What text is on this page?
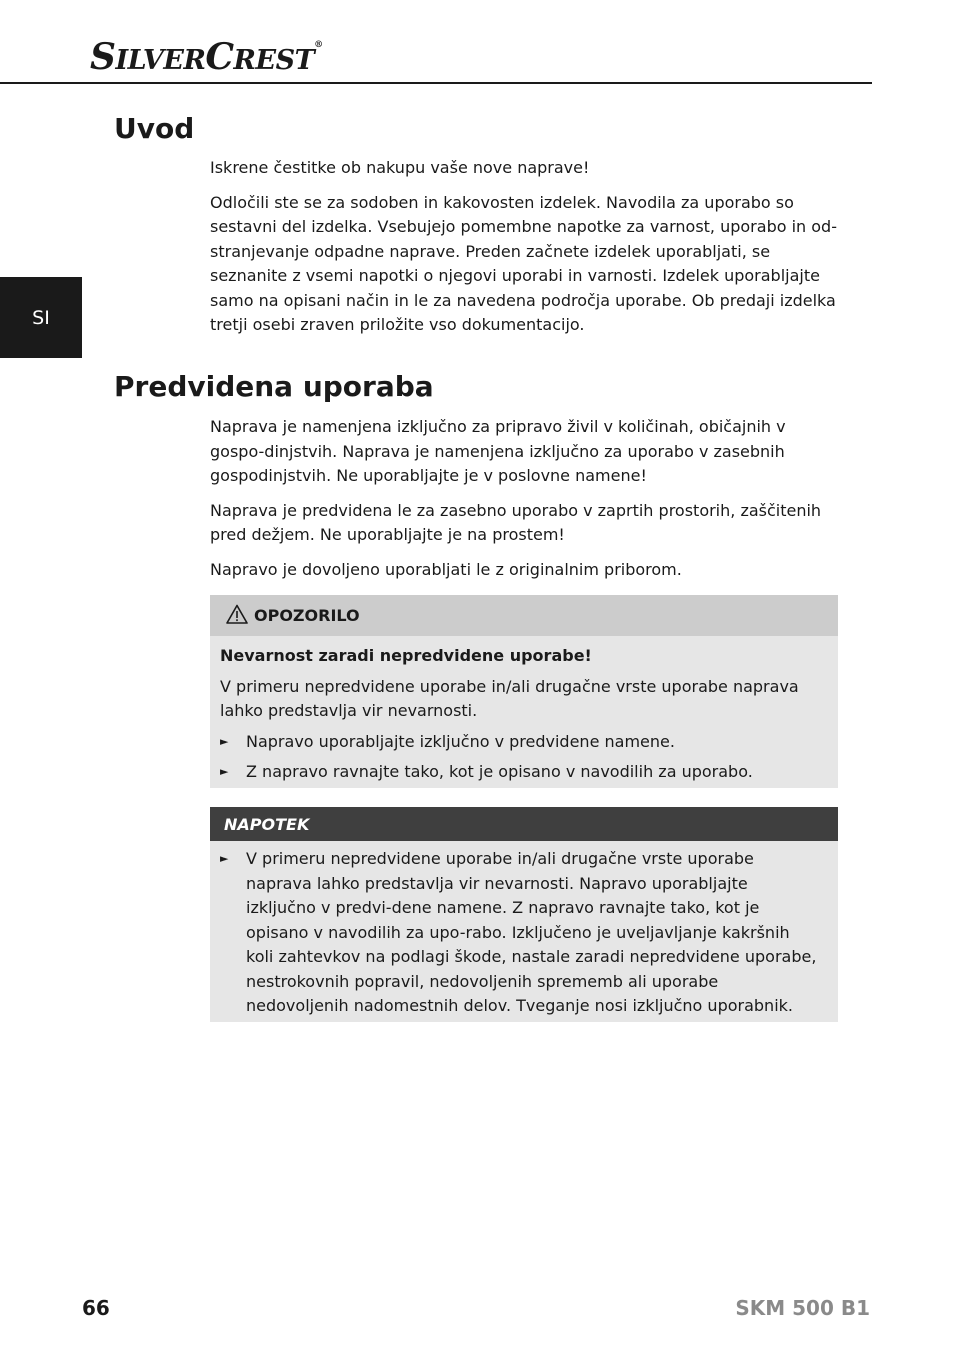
SILVERCREST®
SI
Uvod

Iskrene čestitke ob nakupu vaše nove naprave!

Odločili ste se za sodoben in kakovosten izdelek. Navodila za uporabo so sestavni del izdelka. Vsebujejo pomembne napotke za varnost, uporabo in od-stranjevanje odpadne naprave. Preden začnete izdelek uporabljati, se seznanite z vsemi napotki o njegovi uporabi in varnosti. Izdelek uporabljajte samo na opisani način in le za navedena področja uporabe. Ob predaji izdelka tretji osebi zraven priložite vso dokumentacijo.

Predvidena uporaba

Naprava je namenjena izključno za pripravo živil v količinah, običajnih v gospo-dinjstvih. Naprava je namenjena izključno za uporabo v zasebnih gospodinjstvih. Ne uporabljajte je v poslovne namene!

Naprava je predvidena le za zasebno uporabo v zaprtih prostorih, zaščitenih pred dežjem. Ne uporabljajte je na prostem!

Napravo je dovoljeno uporabljati le z originalnim priborom.

OPOZORILO

Nevarnost zaradi nepredvidene uporabe!

V primeru nepredvidene uporabe in/ali drugačne vrste uporabe naprava lahko predstavlja vir nevarnosti.

►	Napravo uporabljajte izključno v predvidene namene.
►	Z napravo ravnajte tako, kot je opisano v navodilih za uporabo.
NAPOTEK
►	V primeru nepredvidene uporabe in/ali drugačne vrste uporabe naprava lahko predstavlja vir nevarnosti. Napravo uporabljajte izključno v predvi-dene namene. Z napravo ravnajte tako, kot je opisano v navodilih za upo-rabo. Izključeno je uveljavljanje kakršnih koli zahtevkov na podlagi škode, nastale zaradi nepredvidene uporabe, nestrokovnih popravil, nedovoljenih sprememb ali uporabe nedovoljenih nadomestnih delov. Tveganje nosi izključno uporabnik.
66	SKM 500 B1
